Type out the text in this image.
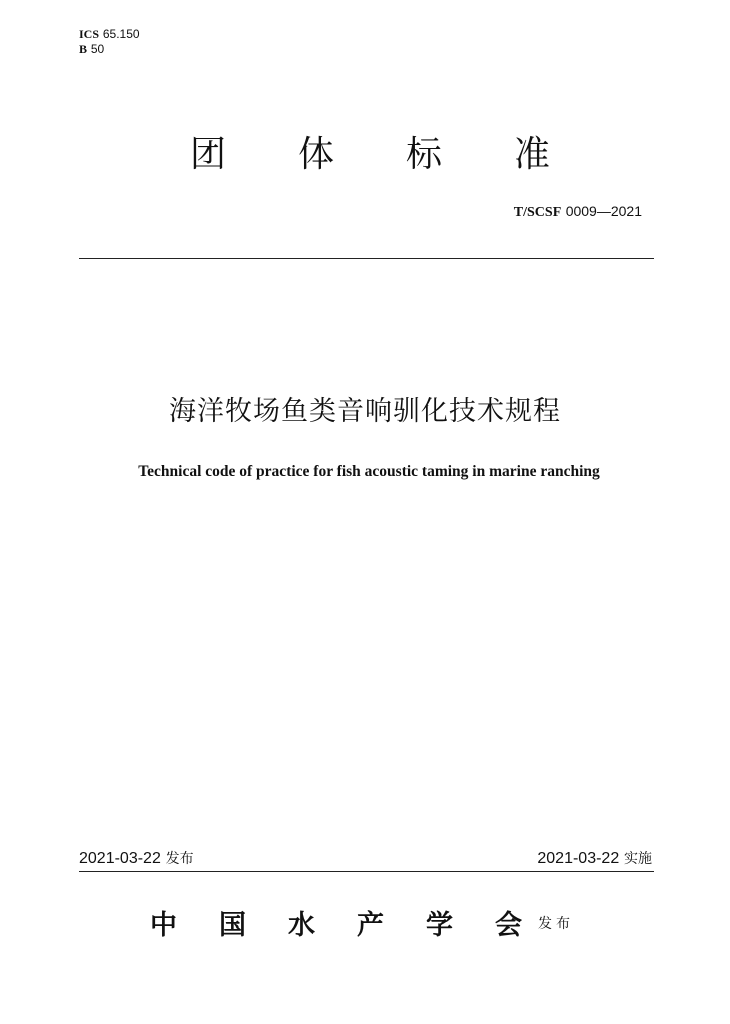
ICS 65.150
B 50
团 体 标 准
T/SCSF 0009—2021
海洋牧场鱼类音响驯化技术规程
Technical code of practice for fish acoustic taming in marine ranching
2021-03-22 发布	2021-03-22 实施
中 国 水 产 学 会 发布
